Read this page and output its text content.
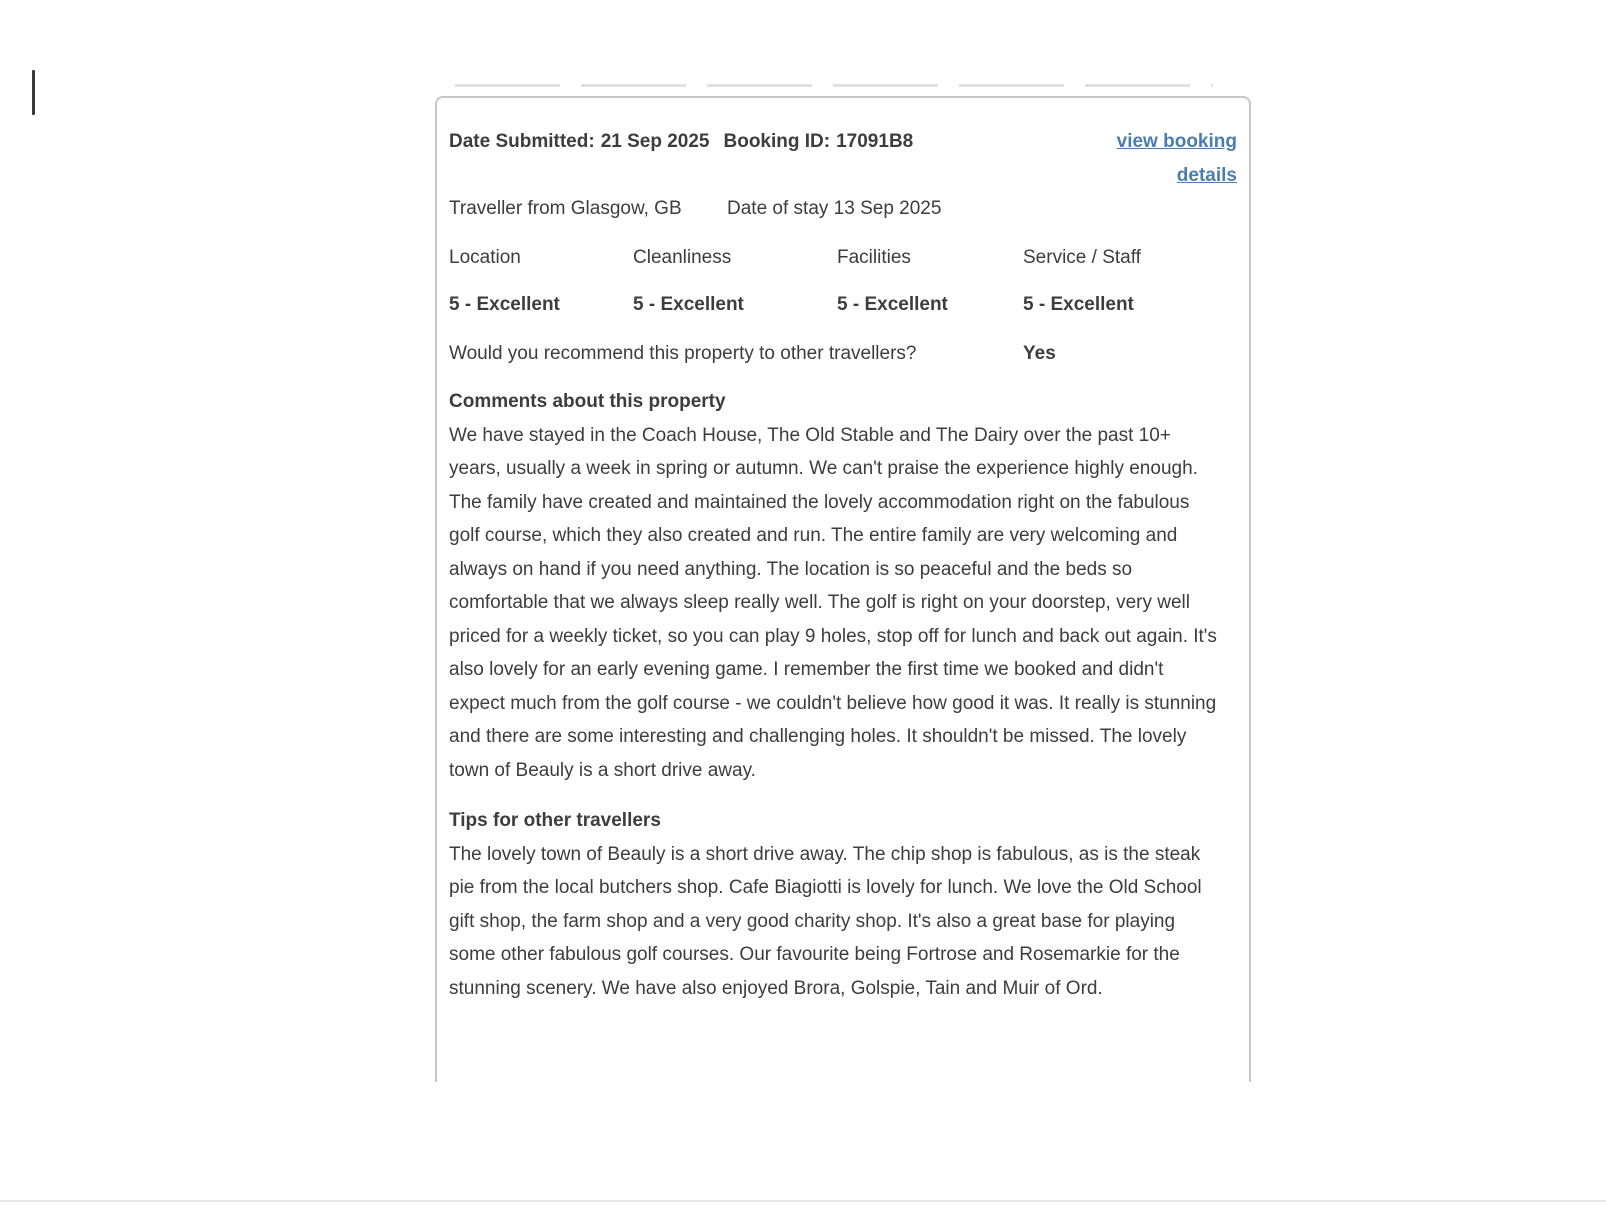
Date Submitted: 21 Sep 2025 Booking ID: 17091B8	view booking details
Traveller from Glasgow, GB	Date of stay 13 Sep 2025
Location	Cleanliness	Facilities	Service / Staff
5 - Excellent	5 - Excellent	5 - Excellent	5 - Excellent
Would you recommend this property to other travellers?	Yes
Comments about this property
We have stayed in the Coach House, The Old Stable and The Dairy over the past 10+ years, usually a week in spring or autumn. We can't praise the experience highly enough. The family have created and maintained the lovely accommodation right on the fabulous golf course, which they also created and run. The entire family are very welcoming and always on hand if you need anything. The location is so peaceful and the beds so comfortable that we always sleep really well. The golf is right on your doorstep, very well priced for a weekly ticket, so you can play 9 holes, stop off for lunch and back out again. It's also lovely for an early evening game. I remember the first time we booked and didn't expect much from the golf course - we couldn't believe how good it was. It really is stunning and there are some interesting and challenging holes. It shouldn't be missed. The lovely town of Beauly is a short drive away.
Tips for other travellers
The lovely town of Beauly is a short drive away. The chip shop is fabulous, as is the steak pie from the local butchers shop. Cafe Biagiotti is lovely for lunch. We love the Old School gift shop, the farm shop and a very good charity shop. It's also a great base for playing some other fabulous golf courses. Our favourite being Fortrose and Rosemarkie for the stunning scenery. We have also enjoyed Brora, Golspie, Tain and Muir of Ord.
